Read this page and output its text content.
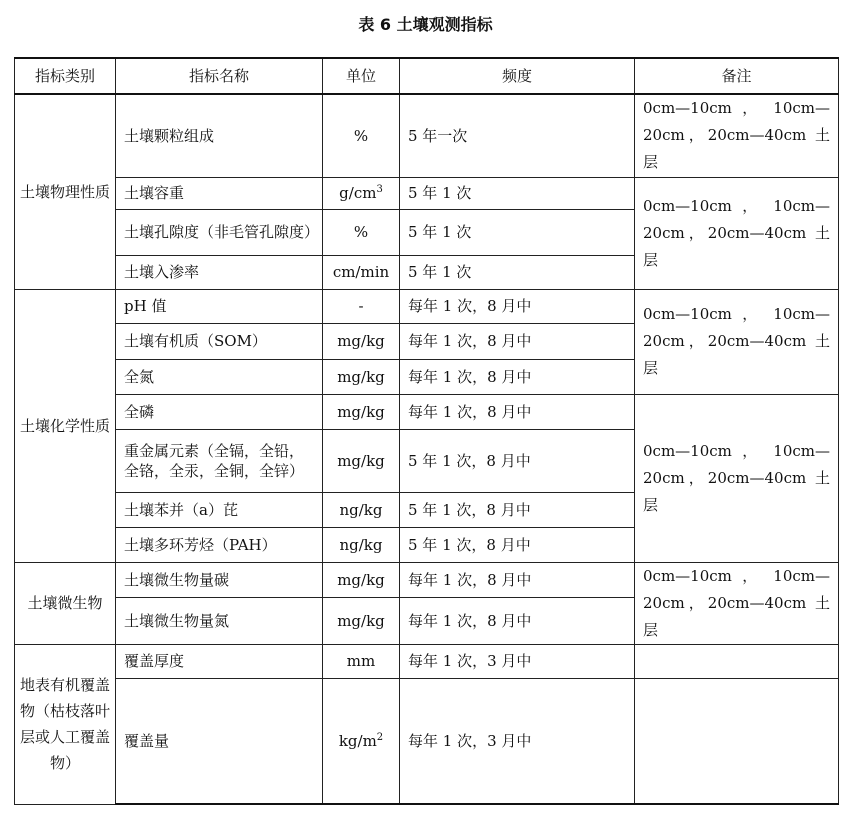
表 6 土壤观测指标
指标类别	指标名称	单位	频度	备注
土壤物理性质	土壤颗粒组成	%	5 年一次	0cm—10cm ， 10cm—20cm，20cm—40cm 土层
	土壤容重	$g/cm^3$	5 年 1 次	0cm—10cm ， 10cm—20cm，20cm—40cm 土层
	土壤孔隙度（非毛管孔隙度）	%	5 年 1 次	
	土壤入渗率	cm/min	5 年 1 次	
土壤化学性质	pH 值	-	每年 1 次，8 月中	0cm—10cm ， 10cm—20cm，20cm—40cm 土层
	土壤有机质（SOM）	mg/kg	每年 1 次，8 月中	
	全氮	mg/kg	每年 1 次，8 月中	
	全磷	mg/kg	每年 1 次，8 月中	0cm—10cm ， 10cm—20cm，20cm—40cm 土层
	重金属元素（全镉，全铅，全铬，全汞，全铜，全锌）	mg/kg	5 年 1 次，8 月中	
	土壤苯并（a）芘	ng/kg	5 年 1 次，8 月中	
	土壤多环芳烃（PAH）	ng/kg	5 年 1 次，8 月中	
土壤微生物	土壤微生物量碳	mg/kg	每年 1 次，8 月中	0cm—10cm ， 10cm—20cm，20cm—40cm 土层
	土壤微生物量氮	mg/kg	每年 1 次，8 月中	
地表有机覆盖物（枯枝落叶层或人工覆盖物）	覆盖厚度	mm	每年 1 次，3 月中	
	覆盖量	$kg/m^2$	每年 1 次，3 月中	
